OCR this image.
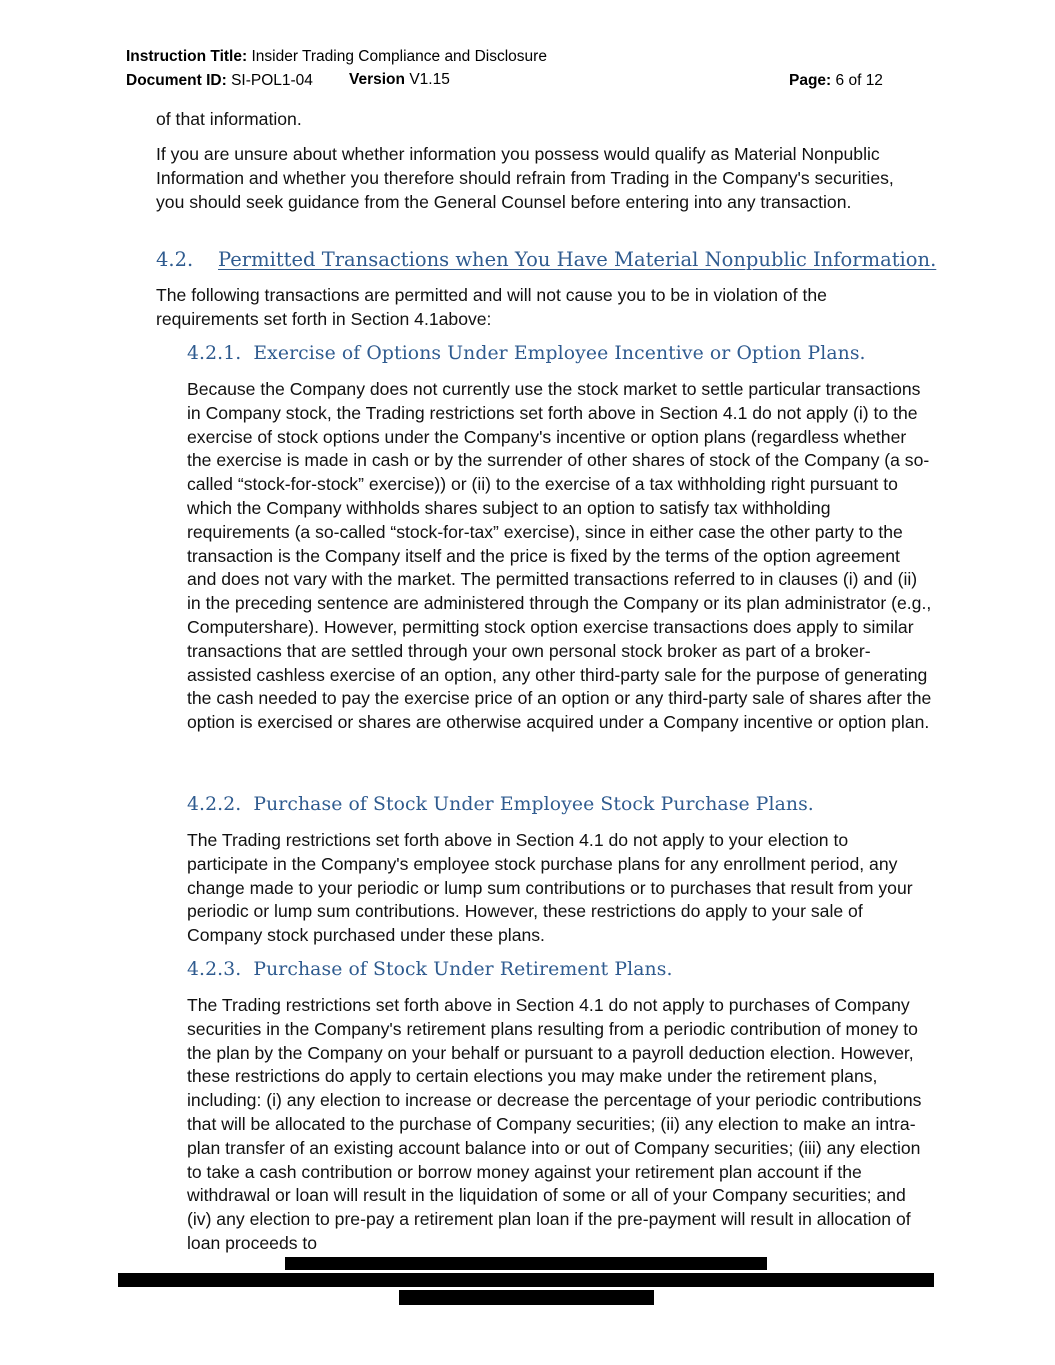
Instruction Title: Insider Trading Compliance and Disclosure
Document ID: SI-POL1-04 Version V1.15	Page: 6 of 12

of that information.

If you are unsure about whether information you possess would qualify as Material Nonpublic Information and whether you therefore should refrain from Trading in the Company's securities, you should seek guidance from the General Counsel before entering into any transaction.

4.2. Permitted Transactions when You Have Material Nonpublic Information.

The following transactions are permitted and will not cause you to be in violation of the requirements set forth in Section 4.1above:

4.2.1. Exercise of Options Under Employee Incentive or Option Plans.

Because the Company does not currently use the stock market to settle particular transactions in Company stock, the Trading restrictions set forth above in Section 4.1 do not apply (i) to the exercise of stock options under the Company's incentive or option plans (regardless whether the exercise is made in cash or by the surrender of other shares of stock of the Company (a so-called “stock-for-stock” exercise)) or (ii) to the exercise of a tax withholding right pursuant to which the Company withholds shares subject to an option to satisfy tax withholding requirements (a so-called “stock-for-tax” exercise), since in either case the other party to the transaction is the Company itself and the price is fixed by the terms of the option agreement and does not vary with the market. The permitted transactions referred to in clauses (i) and (ii) in the preceding sentence are administered through the Company or its plan administrator (e.g., Computershare). However, permitting stock option exercise transactions does apply to similar transactions that are settled through your own personal stock broker as part of a broker-assisted cashless exercise of an option, any other third-party sale for the purpose of generating the cash needed to pay the exercise price of an option or any third-party sale of shares after the option is exercised or shares are otherwise acquired under a Company incentive or option plan.

4.2.2. Purchase of Stock Under Employee Stock Purchase Plans.

The Trading restrictions set forth above in Section 4.1 do not apply to your election to participate in the Company's employee stock purchase plans for any enrollment period, any change made to your periodic or lump sum contributions or to purchases that result from your periodic or lump sum contributions. However, these restrictions do apply to your sale of Company stock purchased under these plans.

4.2.3. Purchase of Stock Under Retirement Plans.

The Trading restrictions set forth above in Section 4.1 do not apply to purchases of Company securities in the Company's retirement plans resulting from a periodic contribution of money to the plan by the Company on your behalf or pursuant to a payroll deduction election. However, these restrictions do apply to certain elections you may make under the retirement plans, including: (i) any election to increase or decrease the percentage of your periodic contributions that will be allocated to the purchase of Company securities; (ii) any election to make an intra-plan transfer of an existing account balance into or out of Company securities; (iii) any election to take a cash contribution or borrow money against your retirement plan account if the withdrawal or loan will result in the liquidation of some or all of your Company securities; and (iv) any election to pre-pay a retirement plan loan if the pre-payment will result in allocation of loan proceeds to
